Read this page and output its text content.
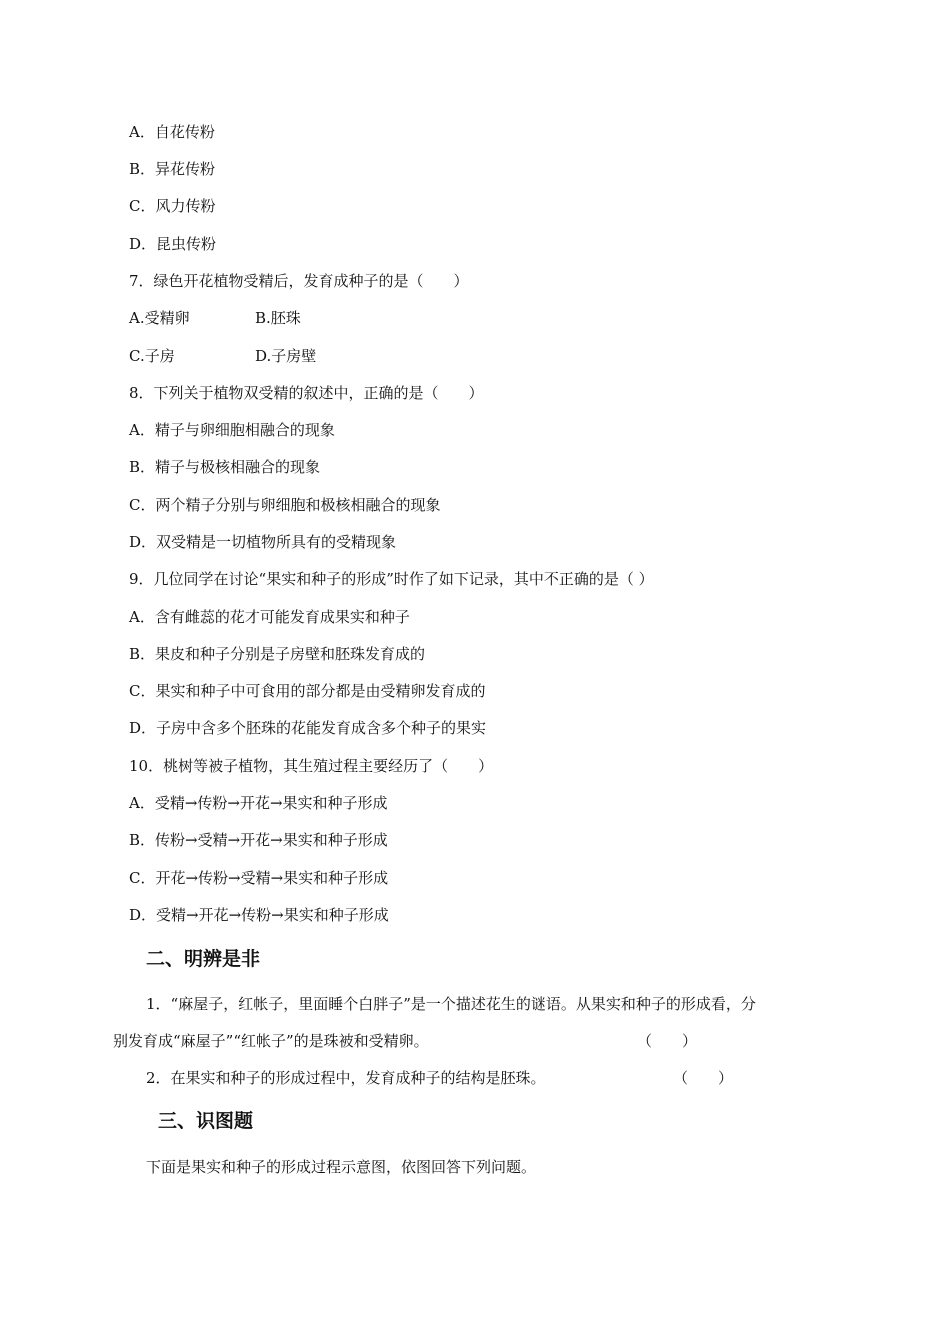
A．自花传粉
B．异花传粉
C．风力传粉
D．昆虫传粉
7．绿色开花植物受精后，发育成种子的是（　　）
A.受精卵	B.胚珠
C.子房	D.子房壁
8．下列关于植物双受精的叙述中，正确的是（　　）
A．精子与卵细胞相融合的现象
B．精子与极核相融合的现象
C．两个精子分别与卵细胞和极核相融合的现象
D．双受精是一切植物所具有的受精现象
9．几位同学在讨论“果实和种子的形成”时作了如下记录，其中不正确的是（ ）
A．含有雌蕊的花才可能发育成果实和种子
B．果皮和种子分别是子房壁和胚珠发育成的
C．果实和种子中可食用的部分都是由受精卵发育成的
D．子房中含多个胚珠的花能发育成含多个种子的果实
10．桃树等被子植物，其生殖过程主要经历了（　　）
A．受精→传粉→开花→果实和种子形成
B．传粉→受精→开花→果实和种子形成
C．开花→传粉→受精→果实和种子形成
D．受精→开花→传粉→果实和种子形成
二、明辨是非
1．“麻屋子，红帐子，里面睡个白胖子”是一个描述花生的谜语。从果实和种子的形成看，分
别发育成“麻屋子”“红帐子”的是珠被和受精卵。	（　　）
2．在果实和种子的形成过程中，发育成种子的结构是胚珠。	（　　）
三、识图题
下面是果实和种子的形成过程示意图，依图回答下列问题。
